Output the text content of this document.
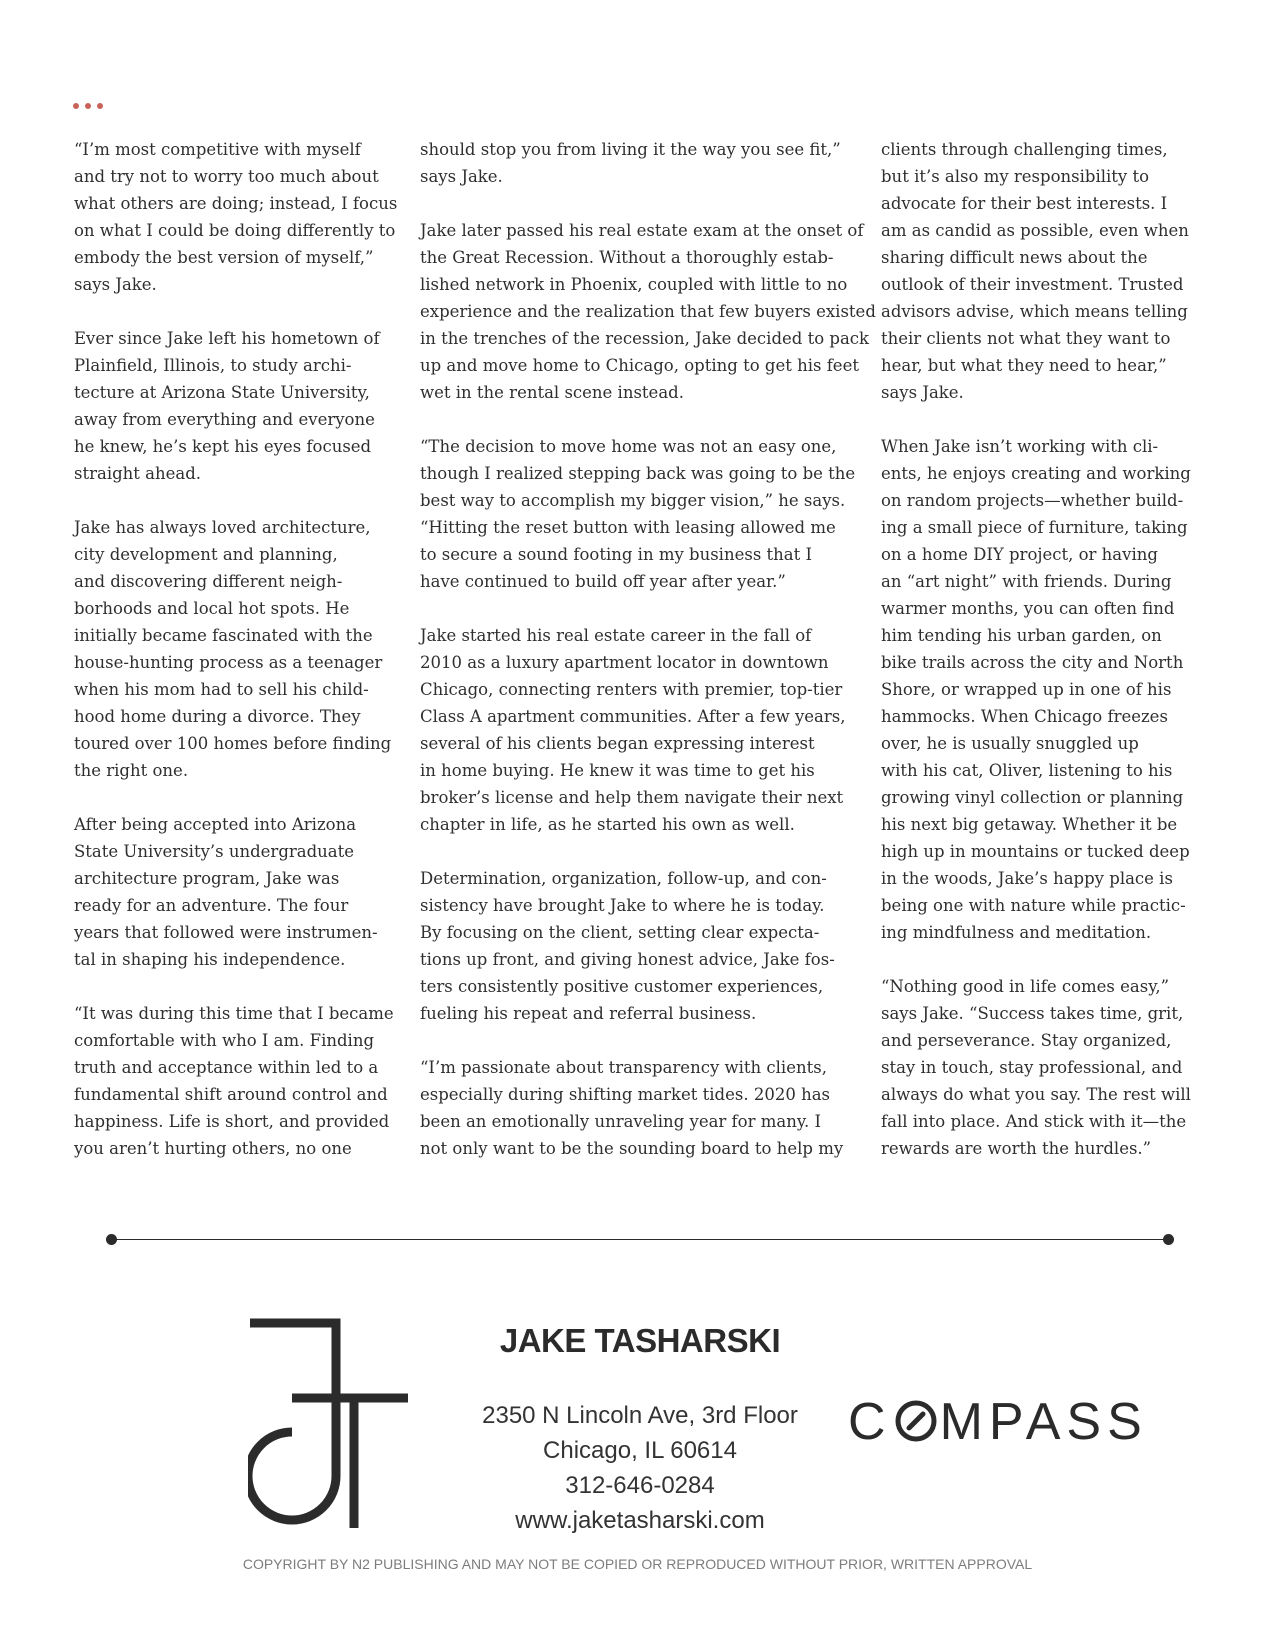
“I’m most competitive with myself
and try not to worry too much about
what others are doing; instead, I focus
on what I could be doing differently to
embody the best version of myself,”
says Jake.

Ever since Jake left his hometown of
Plainfield, Illinois, to study archi-
tecture at Arizona State University,
away from everything and everyone
he knew, he’s kept his eyes focused
straight ahead.

Jake has always loved architecture,
city development and planning,
and discovering different neigh-
borhoods and local hot spots. He
initially became fascinated with the
house-hunting process as a teenager
when his mom had to sell his child-
hood home during a divorce. They
toured over 100 homes before finding
the right one.

After being accepted into Arizona
State University’s undergraduate
architecture program, Jake was
ready for an adventure. The four
years that followed were instrumen-
tal in shaping his independence.

“It was during this time that I became
comfortable with who I am. Finding
truth and acceptance within led to a
fundamental shift around control and
happiness. Life is short, and provided
you aren’t hurting others, no one

should stop you from living it the way you see fit,”
says Jake.

Jake later passed his real estate exam at the onset of
the Great Recession. Without a thoroughly estab-
lished network in Phoenix, coupled with little to no
experience and the realization that few buyers existed
in the trenches of the recession, Jake decided to pack
up and move home to Chicago, opting to get his feet
wet in the rental scene instead.

“The decision to move home was not an easy one,
though I realized stepping back was going to be the
best way to accomplish my bigger vision,” he says.
“Hitting the reset button with leasing allowed me
to secure a sound footing in my business that I
have continued to build off year after year.”

Jake started his real estate career in the fall of
2010 as a luxury apartment locator in downtown
Chicago, connecting renters with premier, top-tier
Class A apartment communities. After a few years,
several of his clients began expressing interest
in home buying. He knew it was time to get his
broker’s license and help them navigate their next
chapter in life, as he started his own as well.

Determination, organization, follow-up, and con-
sistency have brought Jake to where he is today.
By focusing on the client, setting clear expecta-
tions up front, and giving honest advice, Jake fos-
ters consistently positive customer experiences,
fueling his repeat and referral business.

“I’m passionate about transparency with clients,
especially during shifting market tides. 2020 has
been an emotionally unraveling year for many. I
not only want to be the sounding board to help my

clients through challenging times,
but it’s also my responsibility to
advocate for their best interests. I
am as candid as possible, even when
sharing difficult news about the
outlook of their investment. Trusted
advisors advise, which means telling
their clients not what they want to
hear, but what they need to hear,”
says Jake.

When Jake isn’t working with cli-
ents, he enjoys creating and working
on random projects—whether build-
ing a small piece of furniture, taking
on a home DIY project, or having
an “art night” with friends. During
warmer months, you can often find
him tending his urban garden, on
bike trails across the city and North
Shore, or wrapped up in one of his
hammocks. When Chicago freezes
over, he is usually snuggled up
with his cat, Oliver, listening to his
growing vinyl collection or planning
his next big getaway. Whether it be
high up in mountains or tucked deep
in the woods, Jake’s happy place is
being one with nature while practic-
ing mindfulness and meditation.

“Nothing good in life comes easy,”
says Jake. “Success takes time, grit,
and perseverance. Stay organized,
stay in touch, stay professional, and
always do what you say. The rest will
fall into place. And stick with it—the
rewards are worth the hurdles.”

JAKE TASHARSKI
2350 N Lincoln Ave, 3rd Floor
Chicago, IL 60614
312-646-0284
www.jaketasharski.com
C MPASS
COPYRIGHT BY N2 PUBLISHING AND MAY NOT BE COPIED OR REPRODUCED WITHOUT PRIOR, WRITTEN APPROVAL
